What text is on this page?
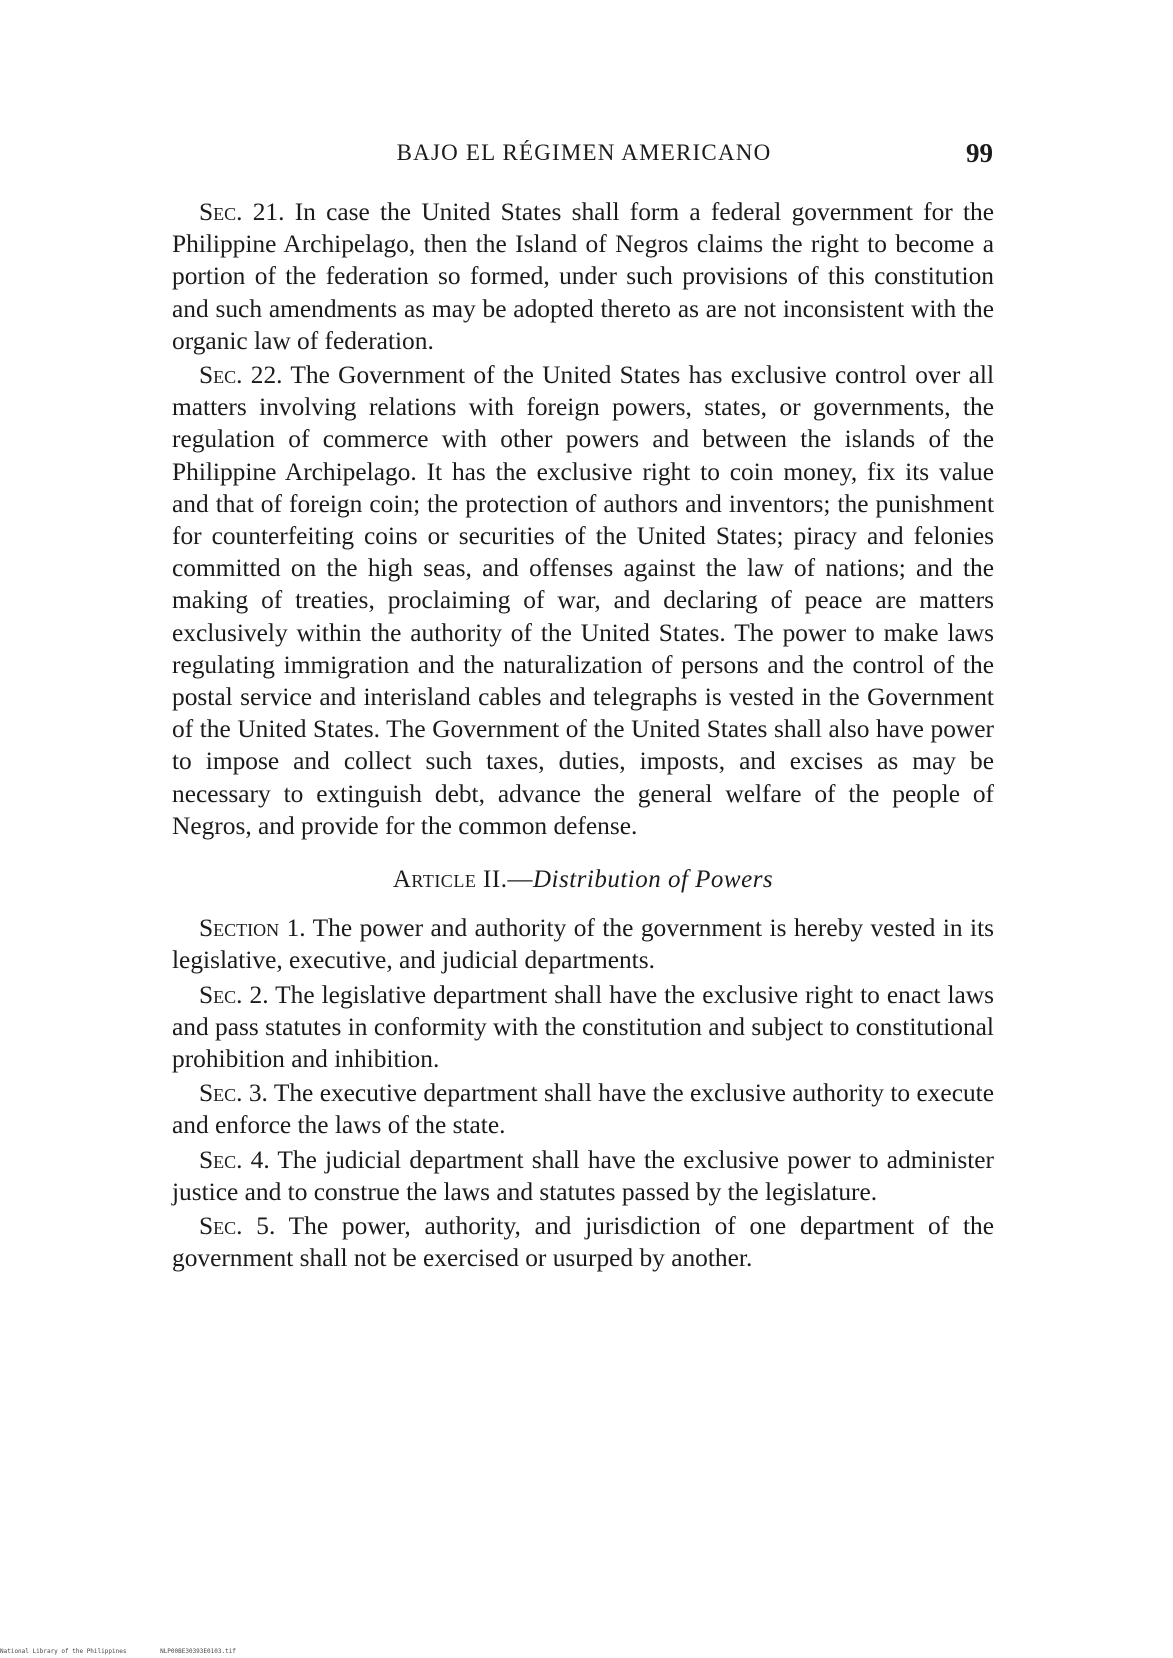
BAJO EL RÉGIMEN AMERICANO	99

Sec. 21. In case the United States shall form a federal government for the Philippine Archipelago, then the Island of Negros claims the right to become a portion of the federation so formed, under such provisions of this constitution and such amendments as may be adopted thereto as are not inconsistent with the organic law of federation.

Sec. 22. The Government of the United States has exclusive control over all matters involving relations with foreign powers, states, or governments, the regulation of commerce with other powers and between the islands of the Philippine Archipelago. It has the exclusive right to coin money, fix its value and that of foreign coin; the protection of authors and inventors; the punishment for counterfeiting coins or securities of the United States; piracy and felonies committed on the high seas, and offenses against the law of nations; and the making of treaties, proclaiming of war, and declaring of peace are matters exclusively within the authority of the United States. The power to make laws regulating immigration and the naturalization of persons and the control of the postal service and interisland cables and telegraphs is vested in the Government of the United States. The Government of the United States shall also have power to impose and collect such taxes, duties, imposts, and excises as may be necessary to extinguish debt, advance the general welfare of the people of Negros, and provide for the common defense.

Article II.—Distribution of Powers

Section 1. The power and authority of the government is hereby vested in its legislative, executive, and judicial departments.

Sec. 2. The legislative department shall have the exclusive right to enact laws and pass statutes in conformity with the constitution and subject to constitutional prohibition and inhibition.

Sec. 3. The executive department shall have the exclusive authority to execute and enforce the laws of the state.

Sec. 4. The judicial department shall have the exclusive power to administer justice and to construe the laws and statutes passed by the legislature.

Sec. 5. The power, authority, and jurisdiction of one department of the government shall not be exercised or usurped by another.

National Library of the Philippines	NLP00BE30393E0103.tif
